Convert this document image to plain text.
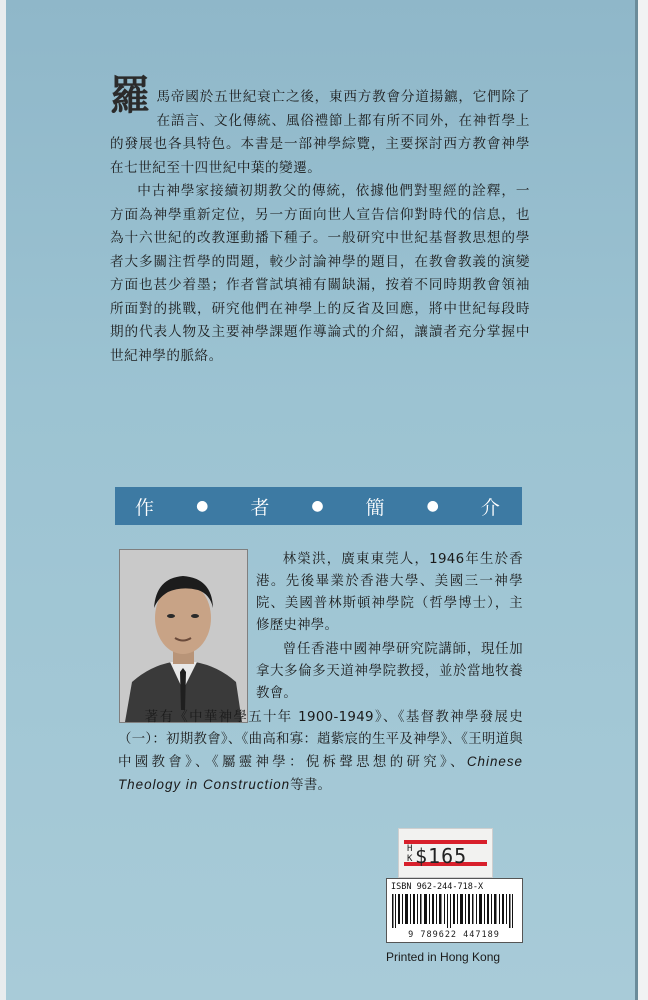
羅馬帝國於五世紀衰亡之後，東西方教會分道揚鑣，它們除了在語言、文化傳統、風俗禮節上都有所不同外，在神哲學上的發展也各具特色。本書是一部神學綜覽，主要探討西方教會神學在七世紀至十四世紀中葉的變遷。

中古神學家接續初期教父的傳統，依據他們對聖經的詮釋，一方面為神學重新定位，另一方面向世人宣告信仰對時代的信息，也為十六世紀的改教運動播下種子。一般研究中世紀基督教思想的學者大多關注哲學的問題，較少討論神學的題目，在教會教義的演變方面也甚少着墨；作者嘗試填補有關缺漏，按着不同時期教會領袖所面對的挑戰，研究他們在神學上的反省及回應，將中世紀每段時期的代表人物及主要神學課題作導論式的介紹，讓讀者充分掌握中世紀神學的脈絡。

作	● 者	● 簡	● 介

林榮洪，廣東東莞人，1946年生於香港。先後畢業於香港大學、美國三一神學院、美國普林斯頓神學院（哲學博士），主修歷史神學。

曾任香港中國神學研究院講師，現任加拿大多倫多天道神學院教授，並於當地牧養教會。

著有《中華神學五十年 1900-1949》、《基督教神學發展史（一）：初期教會》、《曲高和寡：趙紫宸的生平及神學》、《王明道與中國教會》、《屬靈神學：倪柝聲思想的研究》、Chinese Theology in Construction等書。

H
K$165
ISBN 962-244-718-X
9 789622 447189
Printed in Hong Kong
